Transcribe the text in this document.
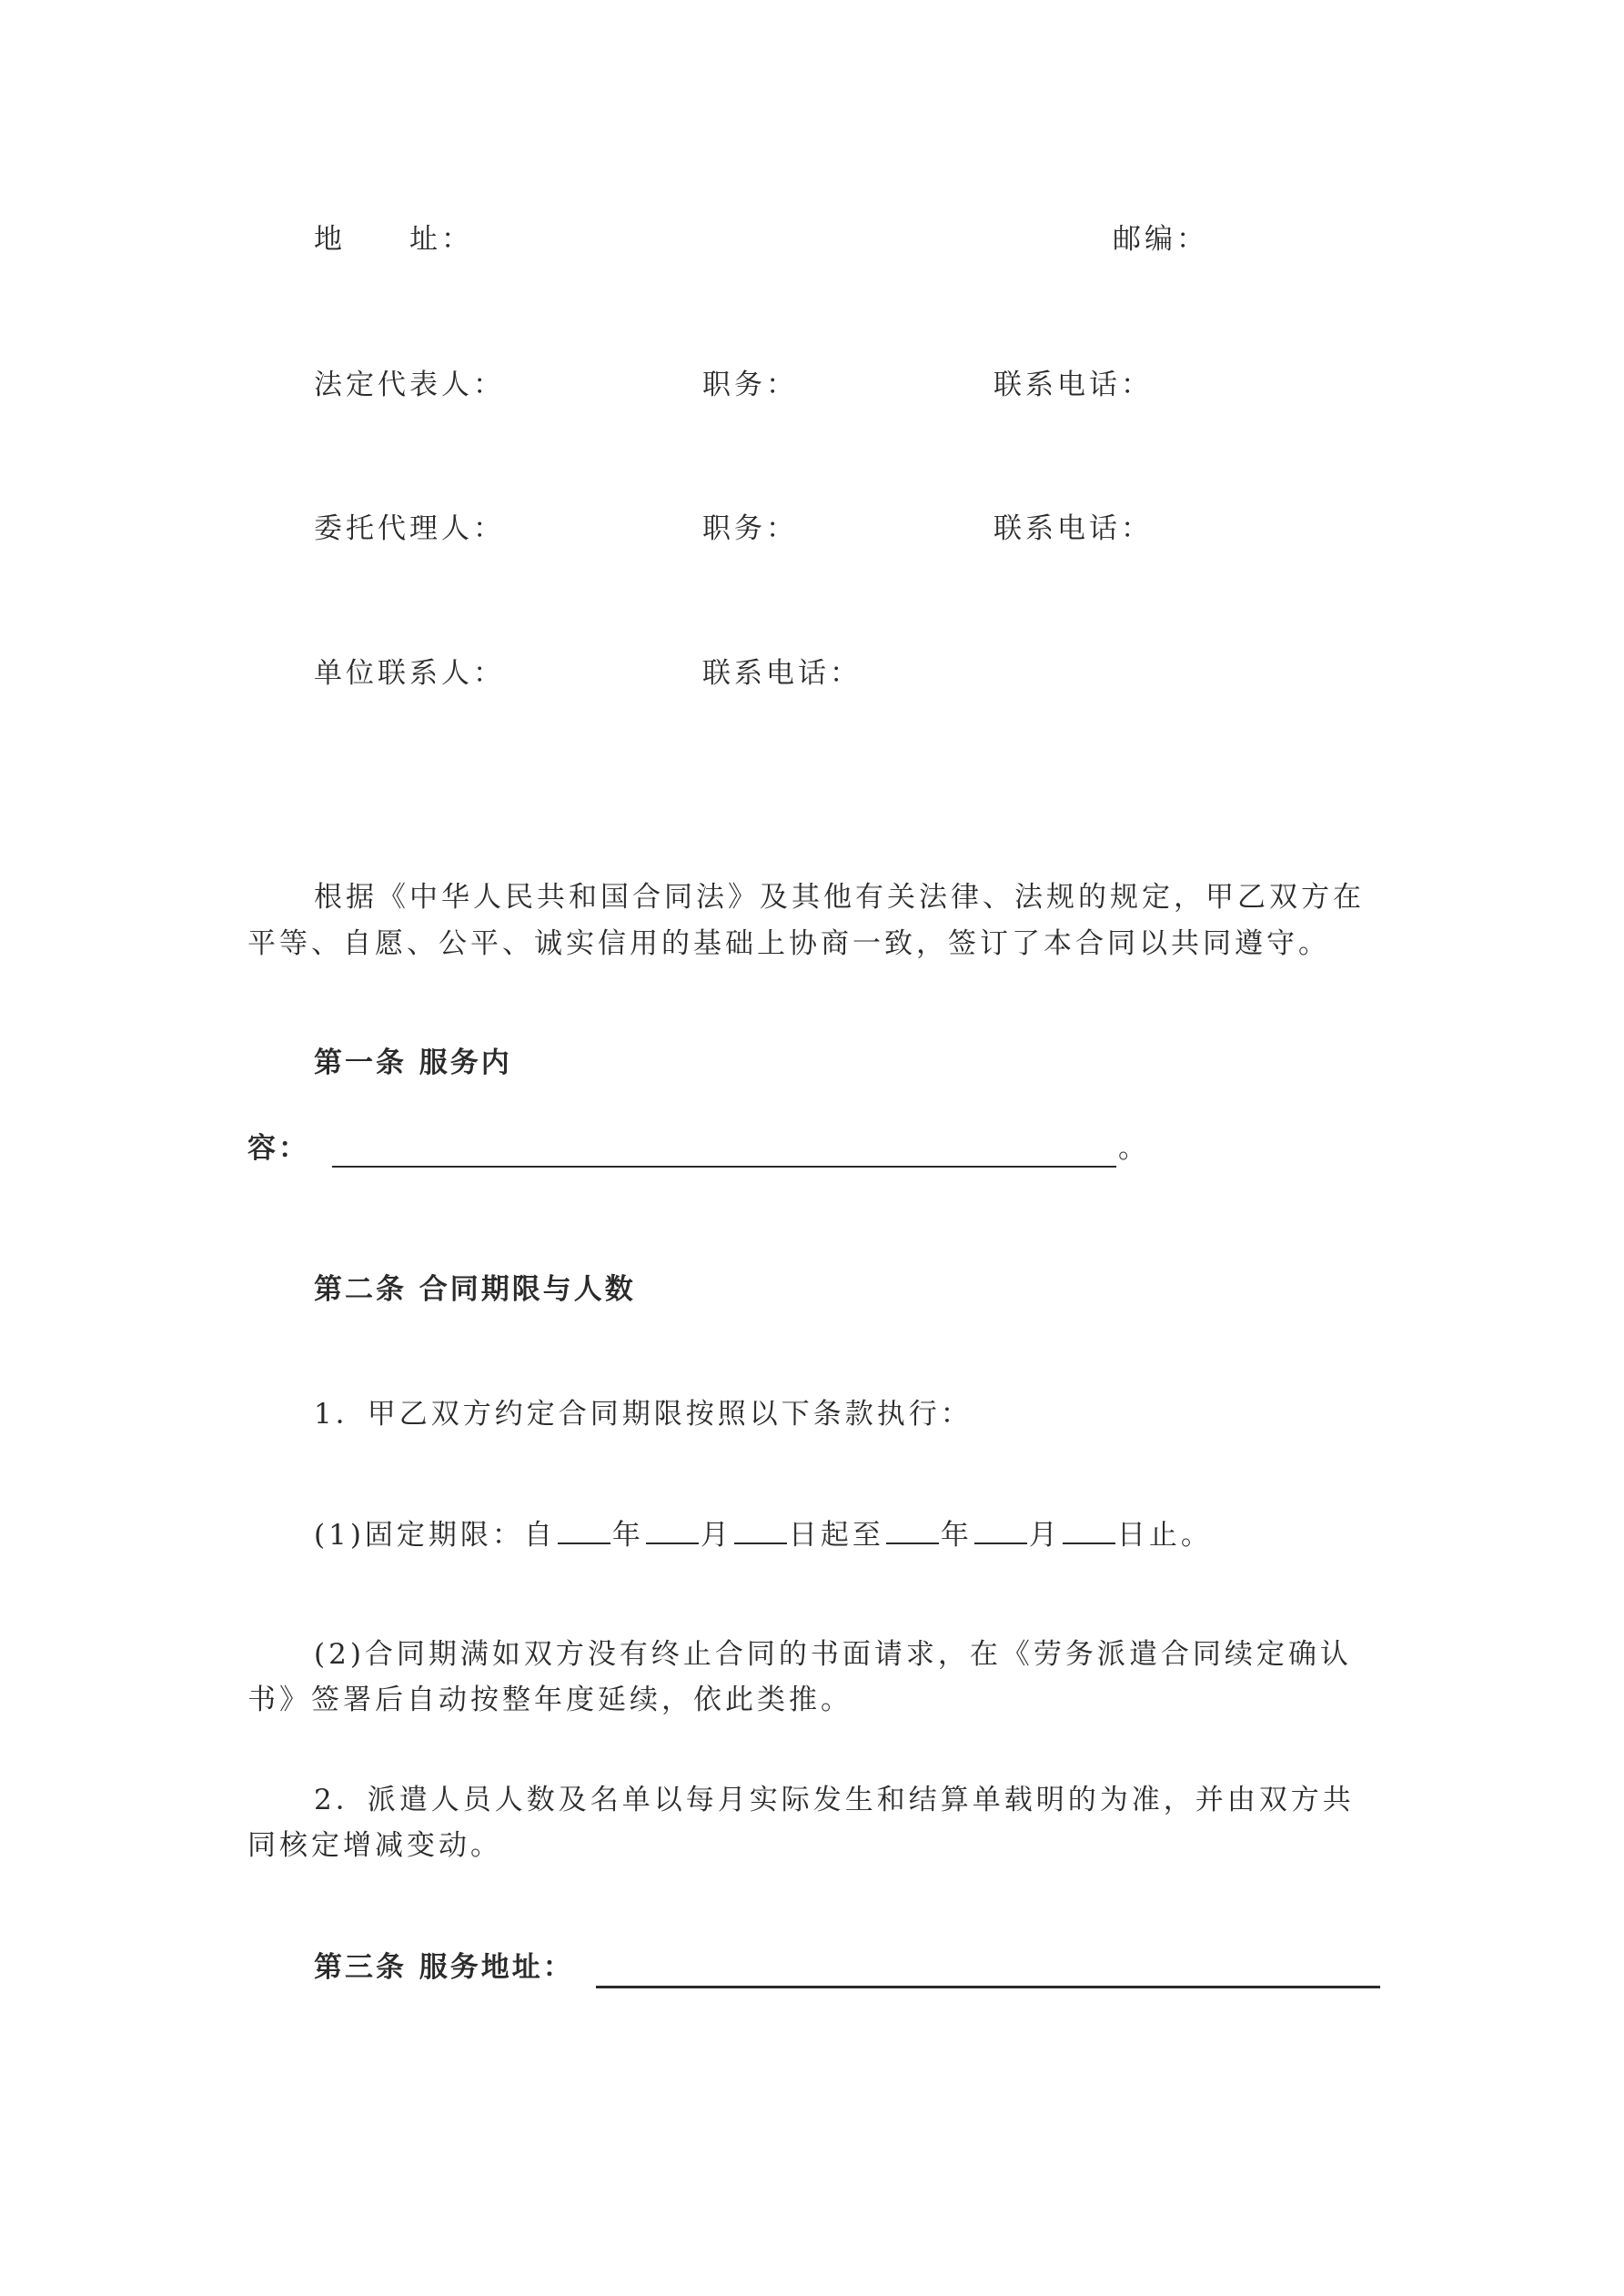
地　　址：	邮编：
法定代表人：	职务：	联系电话：
委托代理人：	职务：	联系电话：
单位联系人：	联系电话：
根据《中华人民共和国合同法》及其他有关法律、法规的规定，甲乙双方在
平等、自愿、公平、诚实信用的基础上协商一致，签订了本合同以共同遵守。
第一条 服务内
容：	。
第二条 合同期限与人数
1．甲乙双方约定合同期限按照以下条款执行：
(1)固定期限：自 年 月 日起至 年 月 日止。
(2)合同期满如双方没有终止合同的书面请求，在《劳务派遣合同续定确认
书》签署后自动按整年度延续，依此类推。
2．派遣人员人数及名单以每月实际发生和结算单载明的为准，并由双方共
同核定增减变动。
第三条 服务地址：
